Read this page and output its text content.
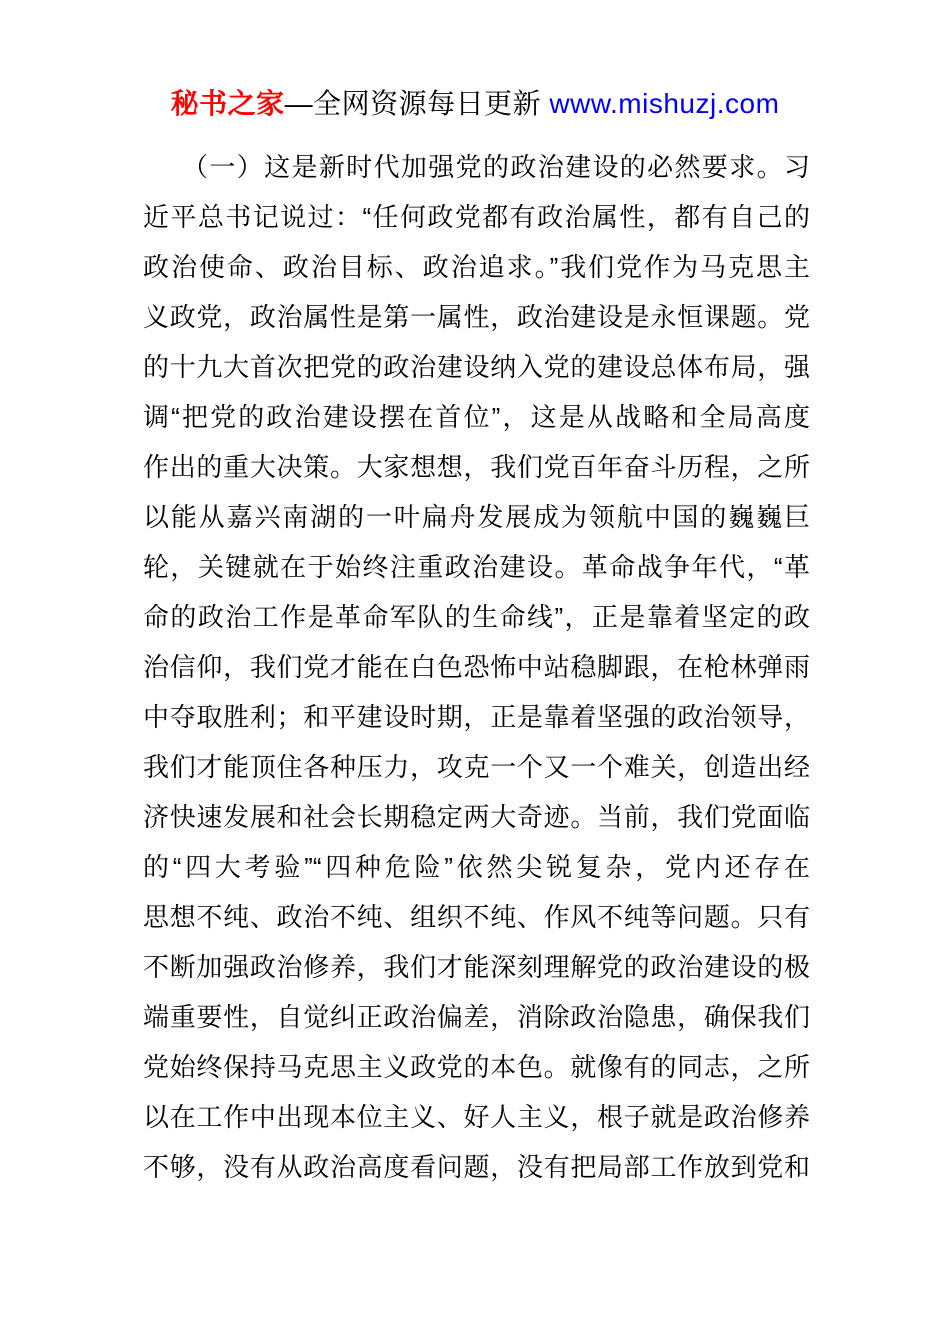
秘书之家—全网资源每日更新 www.mishuzj.com
（一）这是新时代加强党的政治建设的必然要求。习
近平总书记说过：“任何政党都有政治属性，都有自己的
政治使命、政治目标、政治追求。”我们党作为马克思主
义政党，政治属性是第一属性，政治建设是永恒课题。党
的十九大首次把党的政治建设纳入党的建设总体布局，强
调“把党的政治建设摆在首位”，这是从战略和全局高度
作出的重大决策。大家想想，我们党百年奋斗历程，之所
以能从嘉兴南湖的一叶扁舟发展成为领航中国的巍巍巨
轮，关键就在于始终注重政治建设。革命战争年代，“革
命的政治工作是革命军队的生命线”，正是靠着坚定的政
治信仰，我们党才能在白色恐怖中站稳脚跟，在枪林弹雨
中夺取胜利；和平建设时期，正是靠着坚强的政治领导，
我们才能顶住各种压力，攻克一个又一个难关，创造出经
济快速发展和社会长期稳定两大奇迹。当前，我们党面临
的“四大考验”“四种危险”依然尖锐复杂，党内还存在
思想不纯、政治不纯、组织不纯、作风不纯等问题。只有
不断加强政治修养，我们才能深刻理解党的政治建设的极
端重要性，自觉纠正政治偏差，消除政治隐患，确保我们
党始终保持马克思主义政党的本色。就像有的同志，之所
以在工作中出现本位主义、好人主义，根子就是政治修养
不够，没有从政治高度看问题，没有把局部工作放到党和
